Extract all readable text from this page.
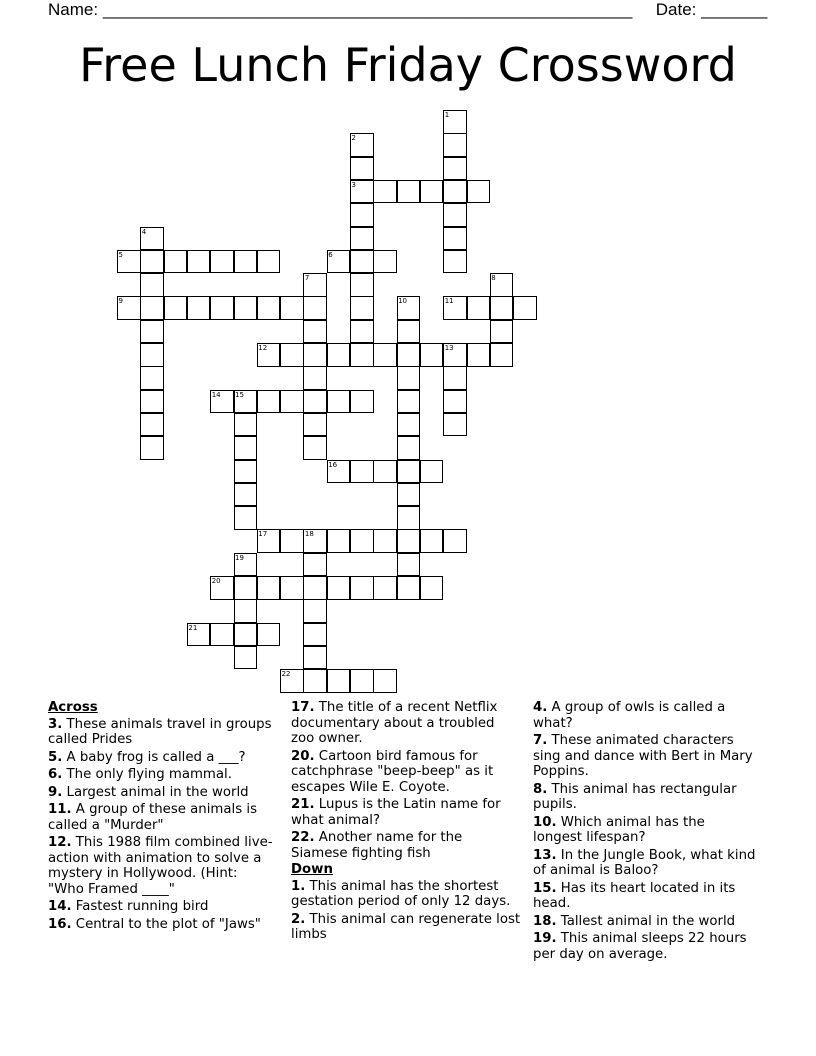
Name: ________________________________________________________ Date: _______
Free Lunch Friday Crossword
1
2
3
4
5	6
7	8
9	10	11
12	13
14 15
16
17	18
19
20
21
22
Across
3. These animals travel in groups called Prides
5. A baby frog is called a ___?
6. The only flying mammal.
9. Largest animal in the world
11. A group of these animals is called a "Murder"
12. This 1988 film combined live-action with animation to solve a mystery in Hollywood. (Hint: "Who Framed ____"
14. Fastest running bird
16. Central to the plot of "Jaws"
17. The title of a recent Netflix documentary about a troubled zoo owner.
20. Cartoon bird famous for catchphrase "beep-beep" as it escapes Wile E. Coyote.
21. Lupus is the Latin name for what animal?
22. Another name for the Siamese fighting fish
Down
1. This animal has the shortest gestation period of only 12 days.
2. This animal can regenerate lost limbs
4. A group of owls is called a what?
7. These animated characters sing and dance with Bert in Mary Poppins.
8. This animal has rectangular pupils.
10. Which animal has the longest lifespan?
13. In the Jungle Book, what kind of animal is Baloo?
15. Has its heart located in its head.
18. Tallest animal in the world
19. This animal sleeps 22 hours per day on average.
